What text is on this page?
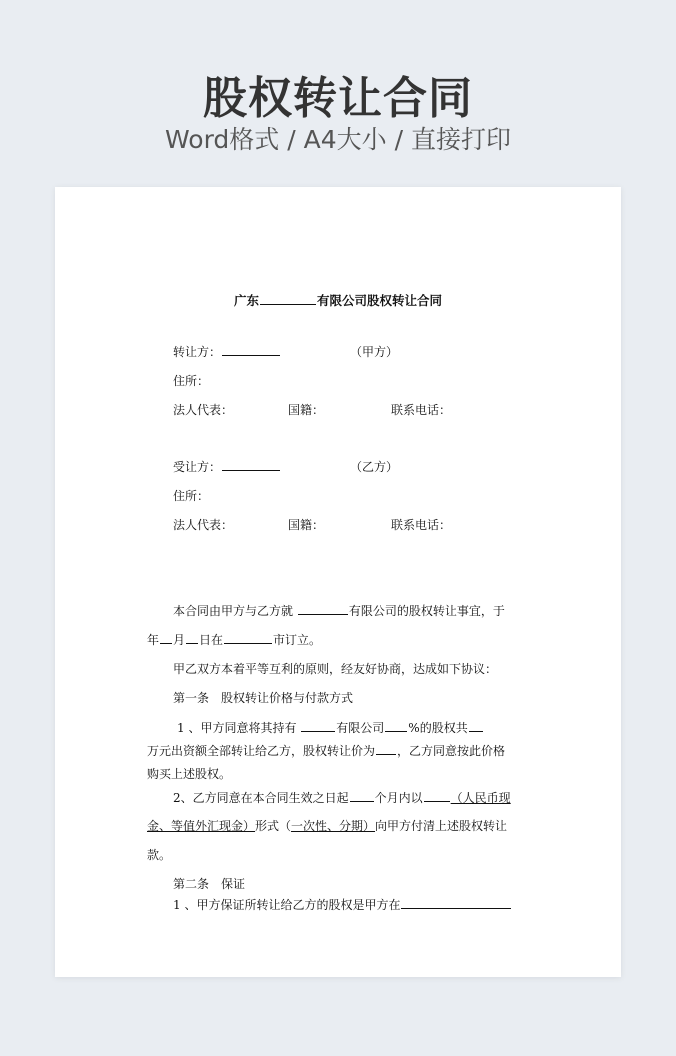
股权转让合同
Word格式 / A4大小 / 直接打印
广东	有限公司股权转让合同
转让方：	（甲方）
住所：
法人代表：	国籍：	联系电话：
受让方：	（乙方）
住所：
法人代表：	国籍：	联系电话：
本合同由甲方与乙方就	有限公司的股权转让事宜，于
年 月 日在	市订立。
甲乙双方本着平等互利的原则，经友好协商，达成如下协议：
第一条　股权转让价格与付款方式
1 、甲方同意将其持有	有限公司 %的股权共
万元出资额全部转让给乙方，股权转让价为 ，乙方同意按此价格
购买上述股权。
2、乙方同意在本合同生效之日起 个月内以 （人民币现
金、等值外汇现金）形式（一次性、分期）向甲方付清上述股权转让
款。
第二条　保证
1 、甲方保证所转让给乙方的股权是甲方在
